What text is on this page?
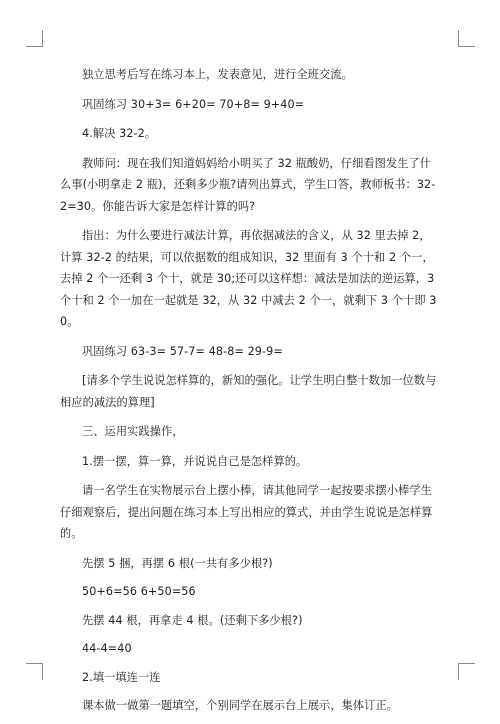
独立思考后写在练习本上，发表意见，进行全班交流。

巩固练习 30+3= 6+20= 70+8= 9+40=

4.解决 32-2。

教师问：现在我们知道妈妈给小明买了 32 瓶酸奶，仔细看图发生了什么事(小明拿走 2 瓶)，还剩多少瓶?请列出算式，学生口答，教师板书：32-2=30。你能告诉大家是怎样计算的吗?

指出：为什么要进行减法计算，再依据减法的含义，从 32 里去掉 2，计算 32-2 的结果，可以依据数的组成知识，32 里面有 3 个十和 2 个一，去掉 2 个一还剩 3 个十，就是 30;还可以这样想：减法是加法的逆运算，3 个十和 2 个一加在一起就是 32，从 32 中减去 2 个一，就剩下 3 个十即 30。

巩固练习 63-3= 57-7= 48-8= 29-9=

[请多个学生说说怎样算的，新知的强化。让学生明白整十数加一位数与相应的减法的算理]

三、运用实践操作，

1.摆一摆，算一算，并说说自己是怎样算的。

请一名学生在实物展示台上摆小棒，请其他同学一起按要求摆小棒学生仔细观察后，提出问题在练习本上写出相应的算式，并由学生说说是怎样算的。

先摆 5 捆，再摆 6 根(一共有多少根?)

50+6=56 6+50=56

先摆 44 根，再拿走 4 根。(还剩下多少根?)

44-4=40

2.填一填连一连

课本做一做第一题填空，个别同学在展示台上展示，集体订正。
